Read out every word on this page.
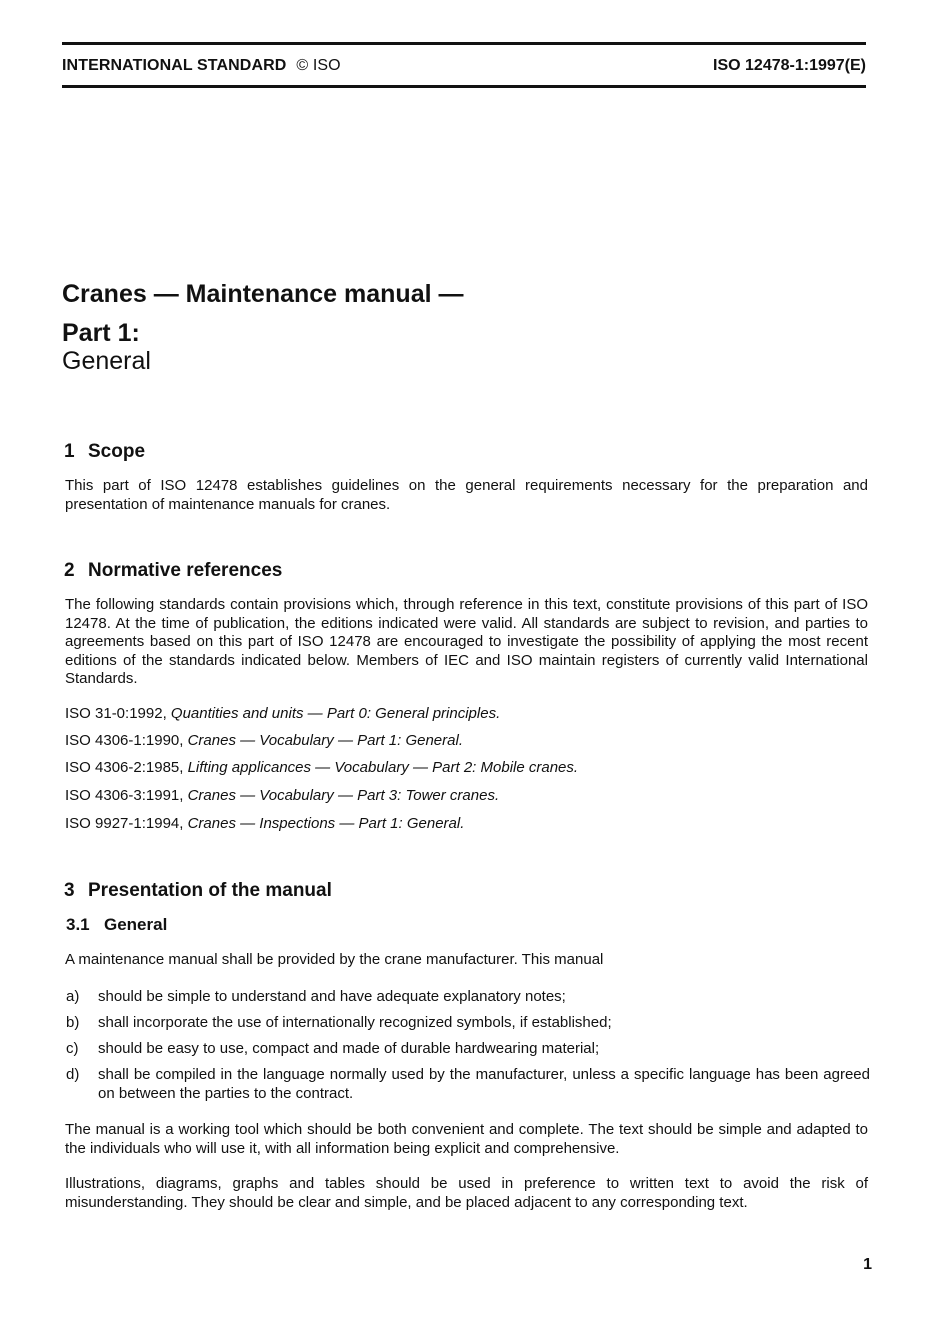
INTERNATIONAL STANDARD © ISO	ISO 12478-1:1997(E)
Cranes — Maintenance manual —
Part 1:
General
1 Scope
This part of ISO 12478 establishes guidelines on the general requirements necessary for the preparation and presentation of maintenance manuals for cranes.
2 Normative references
The following standards contain provisions which, through reference in this text, constitute provisions of this part of ISO 12478. At the time of publication, the editions indicated were valid. All standards are subject to revision, and parties to agreements based on this part of ISO 12478 are encouraged to investigate the possibility of applying the most recent editions of the standards indicated below. Members of IEC and ISO maintain registers of currently valid International Standards.
ISO 31-0:1992, Quantities and units — Part 0: General principles.
ISO 4306-1:1990, Cranes — Vocabulary — Part 1: General.
ISO 4306-2:1985, Lifting applicances — Vocabulary — Part 2: Mobile cranes.
ISO 4306-3:1991, Cranes — Vocabulary — Part 3: Tower cranes.
ISO 9927-1:1994, Cranes — Inspections — Part 1: General.
3 Presentation of the manual
3.1 General
A maintenance manual shall be provided by the crane manufacturer. This manual
a)	should be simple to understand and have adequate explanatory notes;
b)	shall incorporate the use of internationally recognized symbols, if established;
c)	should be easy to use, compact and made of durable hardwearing material;
d)	shall be compiled in the language normally used by the manufacturer, unless a specific language has been agreed on between the parties to the contract.
The manual is a working tool which should be both convenient and complete. The text should be simple and adapted to the individuals who will use it, with all information being explicit and comprehensive.
Illustrations, diagrams, graphs and tables should be used in preference to written text to avoid the risk of misunderstanding. They should be clear and simple, and be placed adjacent to any corresponding text.
1
